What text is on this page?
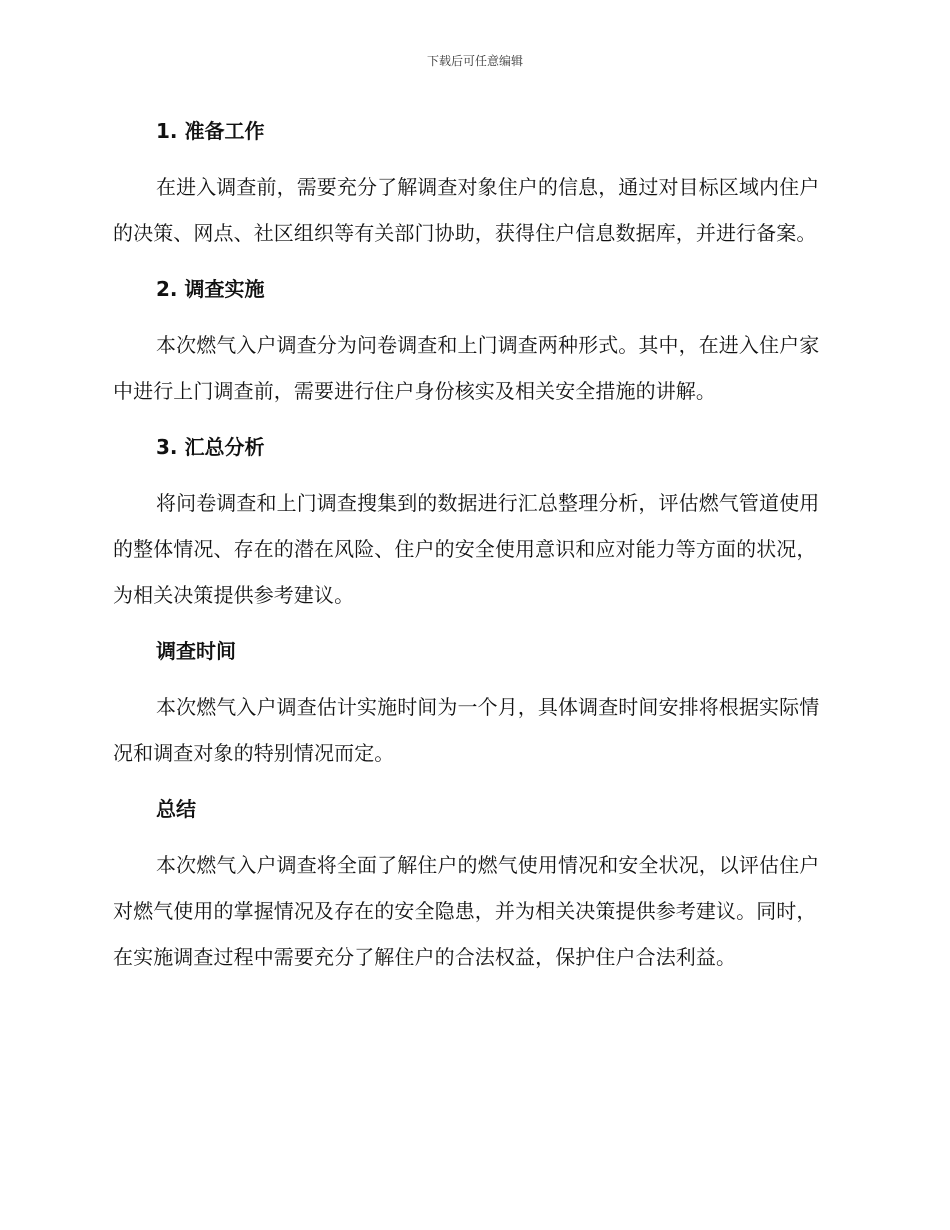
下载后可任意编辑
1. 准备工作

在进入调查前，需要充分了解调查对象住户的信息，通过对目标区域内住户的决策、网点、社区组织等有关部门协助，获得住户信息数据库，并进行备案。

2. 调查实施

本次燃气入户调查分为问卷调查和上门调查两种形式。其中，在进入住户家中进行上门调查前，需要进行住户身份核实及相关安全措施的讲解。

3. 汇总分析

将问卷调查和上门调查搜集到的数据进行汇总整理分析，评估燃气管道使用的整体情况、存在的潜在风险、住户的安全使用意识和应对能力等方面的状况，为相关决策提供参考建议。

调查时间

本次燃气入户调查估计实施时间为一个月，具体调查时间安排将根据实际情况和调查对象的特别情况而定。

总结

本次燃气入户调查将全面了解住户的燃气使用情况和安全状况，以评估住户对燃气使用的掌握情况及存在的安全隐患，并为相关决策提供参考建议。同时，在实施调查过程中需要充分了解住户的合法权益，保护住户合法利益。
